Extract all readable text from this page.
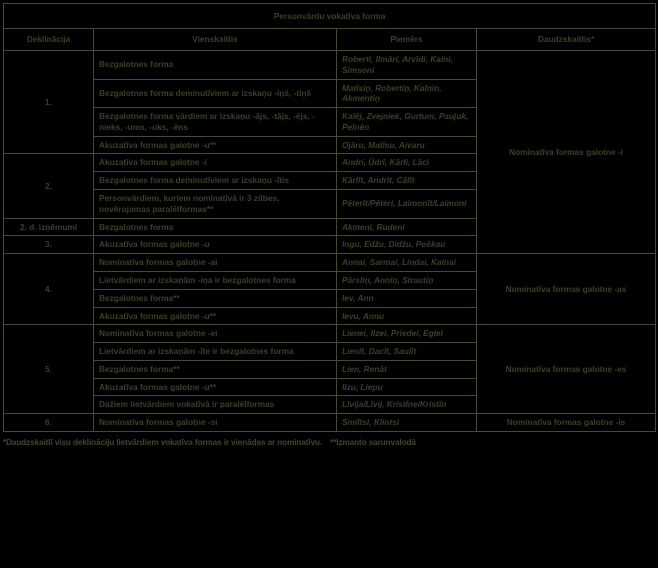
Personvārdu vokatīva forma			
Deklinācija	Vienskaitlis	Piemērs	Daudzskaitlis*
1.	Bezgalotnes forma	Roberti, Ilmāri, Arvīdi, Kalni, Simsoni	Nominatīva formas galotne -i
	Bezgalotnes forma deminutīviem ar izskaņu -iņš, -tiņš	Matīsiņ, Robertiņ, Kalniņ, Akmentiņ	
	Bezgalotnes forma vārdiem ar izskaņu -ājs, -tājs, -ējs, -nieks, -ums, -uks, -ēns	Kalēj, Zvejniek, Gurtum, Paujuk, Pelnēn	
	Akuzatīva formas galotne -u**	Ojāru, Matīsu, Aivaru	
2.	Akuzatīva formas galotne -i	Andri, Ūdri, Kārli, Lāci	
	Bezgalotnes forma deminutīviem ar izskaņu -ītis	Kārlīt, Andrīt, Cālīt	
	Personvārdiem, kuriem nominatīvā ir 3 zilbes, novērojamas paralēlformas**	Pēterīt/Pēteri, Laimonīt/Laimoni	
2. d. izņēmumi	Bezgalotnes forma	Akmeni, Rudeni	
3.	Akuzatīva formas galotne -u	Ingu, Edžu, Didžu, Poškau	
4.	Nominatīva formas galotne -ai	Annai, Sarmai, Lindai, Kalnai	Nominatīva formas galotne -as
	Lietvārdiem ar izskaņām -iņa ir bezgalotnes forma	Pārsliņ, Anniņ, Strautiņ	
	Bezgalotnes forma**	Iev, Ann	
	Akuzatīva formas galotne -u**	Ievu, Annu	
5.	Nominatīva formas galotne -ei	Lienei, Ilzei, Priedei, Eglei	Nominatīva formas galotne -es
	Lietvārdiem ar izskaņām -īte ir bezgalotnes forma	Lienīt, Dacīt, Saulīt	
	Bezgalotnes forma**	Lien, Renāt	
	Akuzatīva formas galotne -u**	Ilzu, Liepu	
	Dažiem lietvārdiem vokatīvā ir paralēlformas	Līvija/Līvij, Kristīne/Kristīn	
6.	Nominatīva formas galotne -si	Smiltsi, Klintsi	Nominatīva formas galotne -is
*Daudzskaitlī visu deklināciju lietvārdiem vokatīva formas ir vienādas ar nominatīvu. **Izmanto sarunvalodā
